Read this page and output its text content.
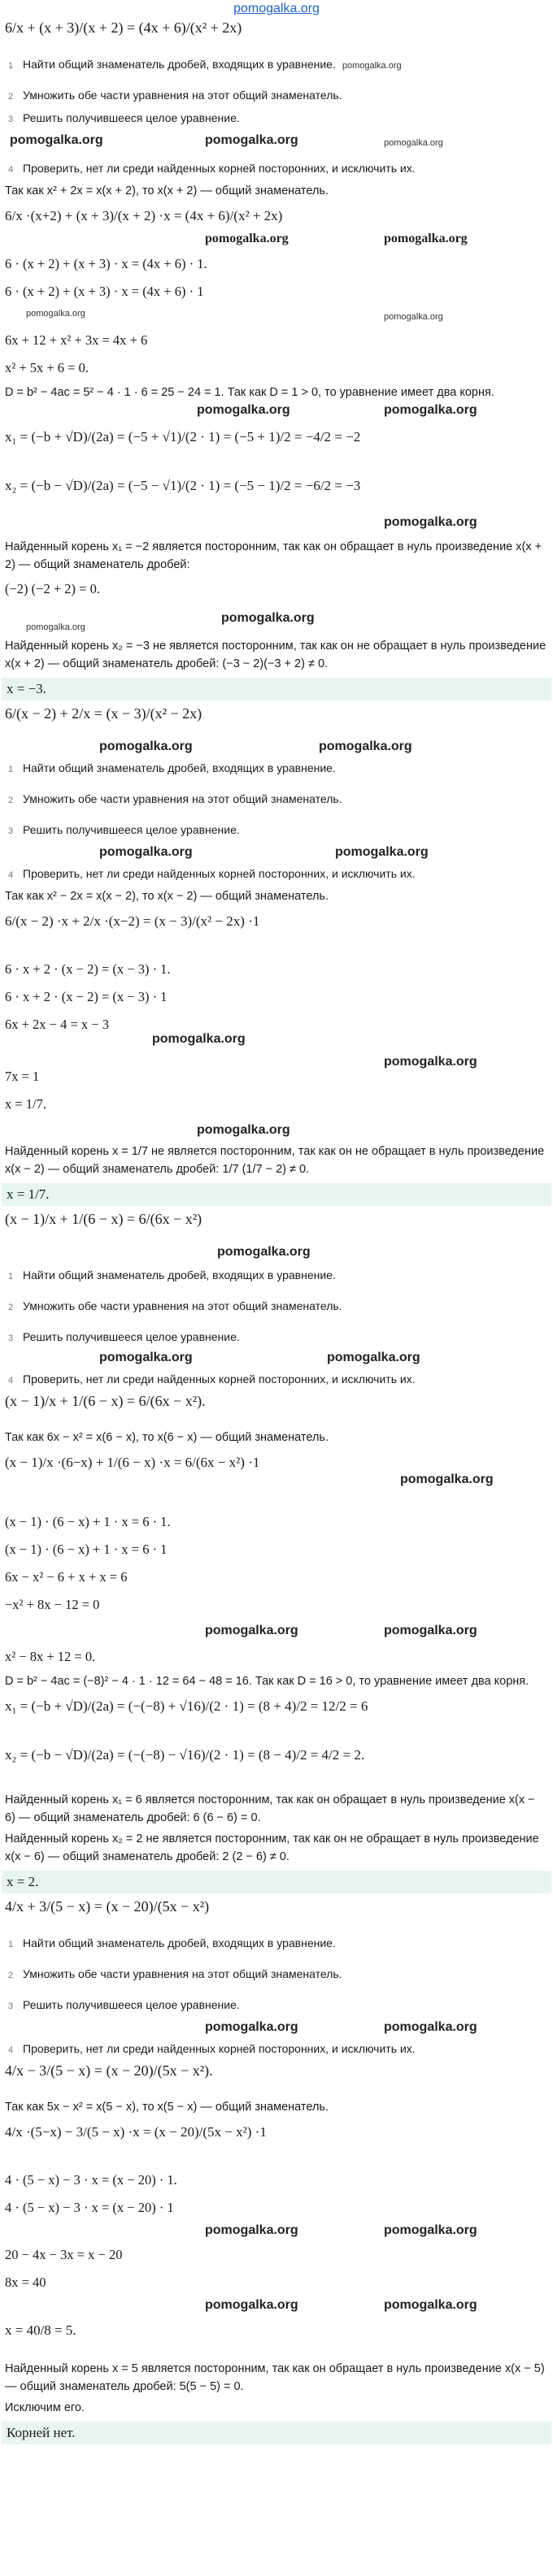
pomogalka.org
6/x + (x + 3)/(x + 2) = (4x + 6)/(x² + 2x)
1 Найти общий знаменатель дробей, входящих в уравнение. pomogalka.org
2 Умножить обе части уравнения на этот общий знаменатель.
3 Решить получившееся целое уравнение.
pomogalka.org	pomogalka.org	pomogalka.org
4 Проверить, нет ли среди найденных корней посторонних, и исключить их.
Так как x² + 2x = x(x + 2), то x(x + 2) — общий знаменатель.
6/x ·(x+2) + (x + 3)/(x + 2) ·x = (4x + 6)/(x² + 2x)
pomogalka.org	pomogalka.org
6 · (x + 2) + (x + 3) · x = (4x + 6) · 1.
6 · (x + 2) + (x + 3) · x = (4x + 6) · 1
pomogalka.org	pomogalka.org
6x + 12 + x² + 3x = 4x + 6
x² + 5x + 6 = 0.
D = b² − 4ac = 5² − 4 · 1 · 6 = 25 − 24 = 1. Так как D = 1 > 0, то уравнение имеет два корня.
pomogalka.org	pomogalka.org
x₁ = (−b + √D)/(2a) = (−5 + √1)/(2 · 1) = (−5 + 1)/2 = −4/2 = −2
x₂ = (−b − √D)/(2a) = (−5 − √1)/(2 · 1) = (−5 − 1)/2 = −6/2 = −3
pomogalka.org
Найденный корень x₁ = −2 является посторонним, так как он обращает в нуль произведение x(x + 2) — общий знаменатель дробей:
(−2) (−2 + 2) = 0.
pomogalka.org
pomogalka.org
Найденный корень x₂ = −3 не является посторонним, так как он не обращает в нуль произведение x(x + 2) — общий знаменатель дробей: (−3 − 2)(−3 + 2) ≠ 0.
x = −3.
6/(x − 2) + 2/x = (x − 3)/(x² − 2x)
pomogalka.org	pomogalka.org
1 Найти общий знаменатель дробей, входящих в уравнение.
2 Умножить обе части уравнения на этот общий знаменатель.
3 Решить получившееся целое уравнение.
pomogalka.org	pomogalka.org
4 Проверить, нет ли среди найденных корней посторонних, и исключить их.
Так как x² − 2x = x(x − 2), то x(x − 2) — общий знаменатель.
6/(x − 2) ·x + 2/x ·(x−2) = (x − 3)/(x² − 2x) ·1
6 · x + 2 · (x − 2) = (x − 3) · 1.
6 · x + 2 · (x − 2) = (x − 3) · 1
6x + 2x − 4 = x − 3
pomogalka.org
pomogalka.org
7x = 1
x = 1/7.
pomogalka.org
Найденный корень x = 1/7 не является посторонним, так как он не обращает в нуль произведение x(x − 2) — общий знаменатель дробей: 1/7 (1/7 − 2) ≠ 0.
x = 1/7.
(x − 1)/x + 1/(6 − x) = 6/(6x − x²)
pomogalka.org
1 Найти общий знаменатель дробей, входящих в уравнение.
2 Умножить обе части уравнения на этот общий знаменатель.
3 Решить получившееся целое уравнение.
pomogalka.org	pomogalka.org
4 Проверить, нет ли среди найденных корней посторонних, и исключить их.
(x − 1)/x + 1/(6 − x) = 6/(6x − x²).
Так как 6x − x² = x(6 − x), то x(6 − x) — общий знаменатель.
(x − 1)/x ·(6−x) + 1/(6 − x) ·x = 6/(6x − x²) ·1
pomogalka.org
(x − 1) · (6 − x) + 1 · x = 6 · 1.
(x − 1) · (6 − x) + 1 · x = 6 · 1
6x − x² − 6 + x + x = 6
−x² + 8x − 12 = 0
pomogalka.org	pomogalka.org
x² − 8x + 12 = 0.
D = b² − 4ac = (−8)² − 4 · 1 · 12 = 64 − 48 = 16. Так как D = 16 > 0, то уравнение имеет два корня.
x₁ = (−b + √D)/(2a) = (−(−8) + √16)/(2 · 1) = (8 + 4)/2 = 12/2 = 6
x₂ = (−b − √D)/(2a) = (−(−8) − √16)/(2 · 1) = (8 − 4)/2 = 4/2 = 2.
Найденный корень x₁ = 6 является посторонним, так как он обращает в нуль произведение x(x − 6) — общий знаменатель дробей: 6 (6 − 6) = 0.
Найденный корень x₂ = 2 не является посторонним, так как он не обращает в нуль произведение x(x − 6) — общий знаменатель дробей: 2 (2 − 6) ≠ 0.
x = 2.
4/x + 3/(5 − x) = (x − 20)/(5x − x²)
1 Найти общий знаменатель дробей, входящих в уравнение.
2 Умножить обе части уравнения на этот общий знаменатель.
3 Решить получившееся целое уравнение.
pomogalka.org	pomogalka.org
4 Проверить, нет ли среди найденных корней посторонних, и исключить их.
4/x − 3/(5 − x) = (x − 20)/(5x − x²).
Так как 5x − x² = x(5 − x), то x(5 − x) — общий знаменатель.
4/x ·(5−x) − 3/(5 − x) ·x = (x − 20)/(5x − x²) ·1
4 · (5 − x) − 3 · x = (x − 20) · 1.
4 · (5 − x) − 3 · x = (x − 20) · 1
pomogalka.org	pomogalka.org
20 − 4x − 3x = x − 20
8x = 40
pomogalka.org	pomogalka.org
x = 40/8 = 5.
Найденный корень x = 5 является посторонним, так как он обращает в нуль произведение x(x − 5) — общий знаменатель дробей: 5(5 − 5) = 0.
Исключим его.
Корней нет.
